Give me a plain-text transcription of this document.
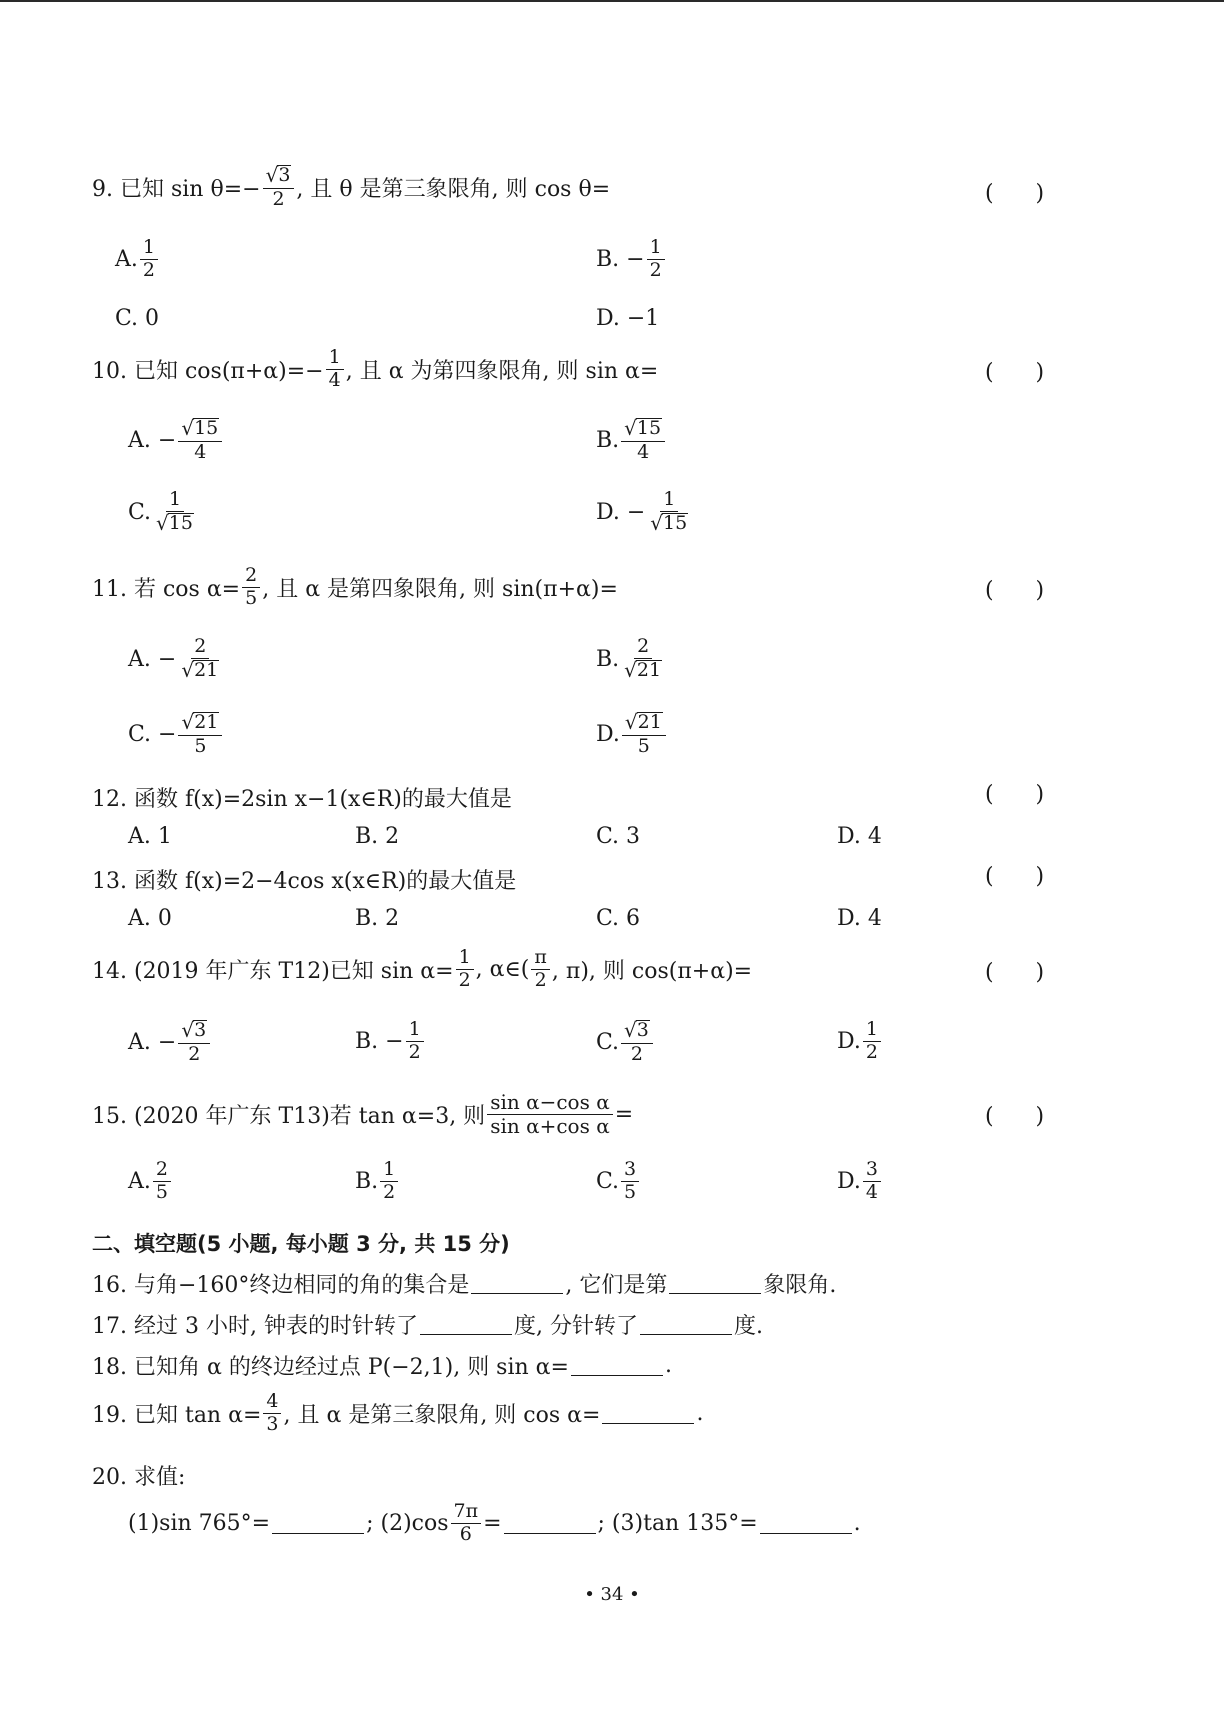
9. 已知 $\sin \theta=- \frac{√ 3}{2}$ , 且 θ 是第三象限角, 则 cos θ=	(      )
A. $\frac{1}{2}$	B. − $\frac{1}{2}$
C. 0	D. −1
10. 已知 $\cos(\pi+\alpha)=- \frac{1}{4}$ , 且 α 为第四象限角, 则 sin α=	(      )
A. − $\frac{√ 15}{4}$	B. $\frac{√ 15}{4}$
C. $\frac{1}{√ 15}$	D. − $\frac{1}{√ 15}$
11. 若 $\cos \alpha= \frac{2}{5}$ , 且 α 是第四象限角, 则 sin(π+α)=	(      )
A. − $\frac{2}{√ 21}$	B. $\frac{2}{√ 21}$
C. − $\frac{√ 21}{5}$	D. $\frac{√ 21}{5}$
12. 函数 f(x)=2sin x−1(x∈R)的最大值是	(      )
A. 1	B. 2	C. 3	D. 4
13. 函数 f(x)=2−4cos x(x∈R)的最大值是	(      )
A. 0	B. 2	C. 6	D. 4
14. (2019 年广东 T12)已知 $\sin \alpha= \frac{1}{2}$ , α∈( $\frac{\pi}{2}$ , π), 则 cos(π+α)=	(      )
A. − $\frac{√ 3}{2}$	B. − $\frac{1}{2}$	C. $\frac{√ 3}{2}$	D. $\frac{1}{2}$
15. (2020 年广东 T13)若 tan α=3, 则 $\frac{\text{sin α−cos α}}{\text{sin α+cos α}}$ =	(      )
A. $\frac{2}{5}$	B. $\frac{1}{2}$	C. $\frac{3}{5}$	D. $\frac{3}{4}$
二、填空题(5 小题, 每小题 3 分, 共 15 分)
16. 与角−160°终边相同的角的集合是	, 它们是第	象限角.
17. 经过 3 小时, 钟表的时针转了	度, 分针转了	度.
18. 已知角 α 的终边经过点 P(−2,1), 则 sin α=	.
19. 已知 $\tan \alpha= \frac{4}{3}$ , 且 α 是第三象限角, 则 cos α=	.
20. 求值:
(1)sin 765°=	; $(2)\cos \frac{7\pi}{6}$ =	; (3)tan 135°=	.
• 34 •
